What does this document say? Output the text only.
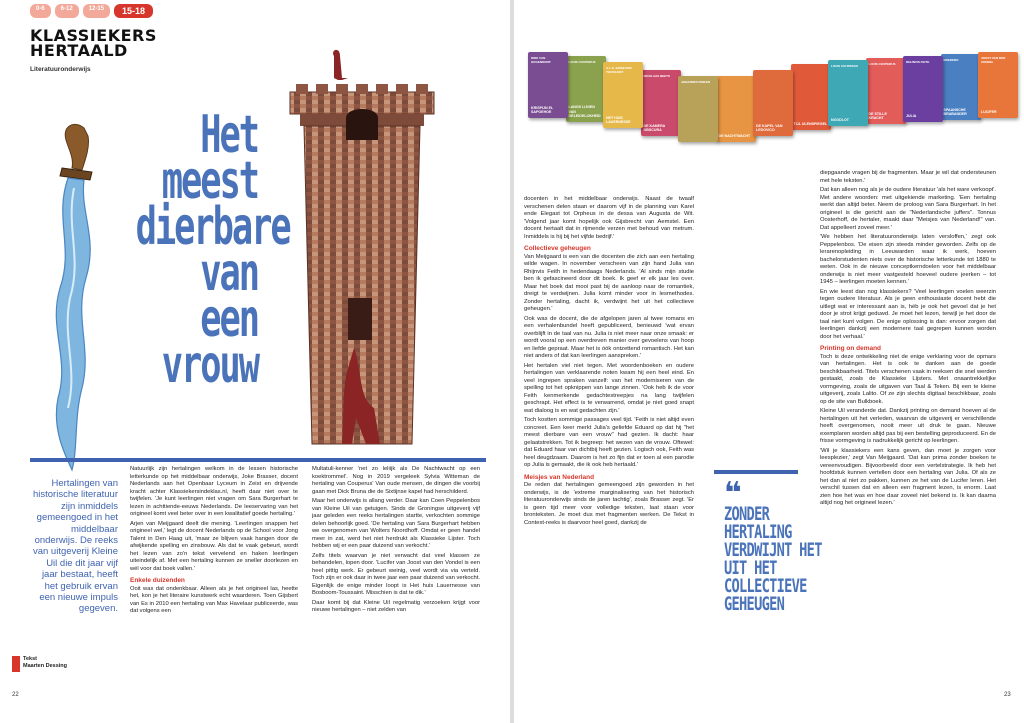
0-6	6-12	12-15	15-18
KLASSIEKERS HERTAALD
Literatuuronderwijs
Het
meest
dierbare
van een
vrouw
Hertalingen van historische literatuur zijn inmiddels gemeengoed in het middelbaar onderwijs. De reeks van uitgeverij Kleine Uil die dit jaar vijf jaar bestaat, heeft het gebruik ervan een nieuwe impuls gegeven.

Natuurlijk zijn hertalingen welkom in de lessen historische letterkunde op het middelbaar onderwijs, Joke Brasser, docent Nederlands aan het Openbaar Lyceum in Zeist en drijvende kracht achter Klassiekersindeklas.nl, heeft daar niet over te twijfelen. 'Je kunt leerlingen niet vragen om Sara Burgerhart te lezen in achttiende-eeuws Nederlands. De leeservaring van het origineel komt veel beter over in een kwalitatief goede hertaling.'

Arjen van Meijgaard deelt die mening. 'Leerlingen snappen het origineel wel,' legt de docent Nederlands op de School voor Jong Talent in Den Haag uit, 'maar ze blijven vaak hangen door de afwijkende spelling en zinsbouw. Als dat te vaak gebeurt, wordt het lezen van zo'n tekst vervelend en haken leerlingen uiteindelijk af. Met een hertaling kunnen ze sneller doorlezen en wél voor dat boek vallen.'

Enkele duizenden

Ooit was dat ondenkbaar. Alleen als je het origineel las, heette het, kon je het literaire kunstwerk echt waarderen. Toen Gijsbert van Es in 2010 een hertaling van Max Havelaar publiceerde, was dat volgens een

Multatuli-kenner 'net zo leliijk als De Nachtwacht op een koektrommel'. Nog in 2019 vergeleek Sylvia Witteman de hertaling van Couperus' Van oude mensen, de dingen die voorbij gaan met Dick Bruna die de Sixtijnse kapel had herschilderd.

Maar het onderwijs is allang verder. Daar kan Coen Peppelenbos van Kleine Uil van getuigen. Sinds de Groningse uitgeverij vijf jaar geleden een reeks hertalingen startte, verkochten sommige delen behoorlijk goed. 'De hertaling van Sara Burgerhart hebben we overgenomen van Wolters Noordhoff. Omdat er geen handel meer in zat, werd het niet herdrukt als Klassieke Lijster. Toch hebben wij er een paar duizend van verkocht.'

Zelfs titels waarvan je niet verwacht dat veel klassen ze behandelen, lopen door. 'Lucifer van Joost van den Vondel is een heel pittig werk. Er gebeurt weinig, veel wordt via via verteld. Toch zijn er ook daar in twee jaar een paar duizend van verkocht. Eigenlijk de enige minder loopt is Het huis Lauernesse van Bosboom-Toussaint. Misschien is dat te dik.'

Daar komt bij dat Kleine Uil regelmatig verzoeken krijgt voor nieuwe hertalingen – niet zelden van

Tekst
Maarten Dessing
22
DIRK VAN HOGENDORP
KRISPIJN EL SAPOEHOE
LOUIS COUPERUS
LANGS LIJNEN VAN GELEIDELIJKHEID
A.L.G. BOSBOOM-TOUSSAINT
HET HUIS LAUERNESSE
NICOLAAS BEETS
DE KAMERA OBSCURA
JOHANNES KINKER
DE NACHTWACHT
DE KAPEL VAN LEDOVICO
TIJL ULENSPIEGEL
LOUIS COUPERUS
NOODLOT
LOUIS COUPERUS
DE STILLE KRACHT
RHIJNVIS FEITH
JULIA
BREDERO
SPAANSCHE BRABANDER
JOOST VAN DEN VONDEL
LUCIFER

docenten in het middelbaar onderwijs. Naast de twaalf verschenen delen staan er daarom vijf in de planning van Karel ende Elegast tot Orpheus in de dessa van Augusta de Wit. 'Volgend jaar komt hopelijk ook Gijsbrecht van Aemstel. Een docent hertaalt dat in rijmende verzen met behoud van metrum. Inmiddels is hij bij het vijfde bedrijf.'

Collectieve geheugen

Van Meijgaard is een van die docenten die zich aan een hertaling wilde wagen. In november verscheen van zijn hand Julia van Rhijnvis Feith in hedendaags Nederlands. 'Al sinds mijn studie ben ik gefascineerd door dit boek. Ik geef er elk jaar les over. Maar het boek dat mooi past bij de aanloop naar de romantiek, dreigt te verdwijnen. Julia komt minder voor in lesmethodes. Zonder hertaling, dacht ik, verdwijnt het uit het collectieve geheugen.'

Ook was de docent, die de afgelopen jaren al twee romans en een verhalenbundel heeft gepubliceerd, benieuwd 'wat ervan overblijft in de taal van nu. Julia is niet meer naar onze smaak: er wordt vooral op een overdreven manier over gevoelens van hoop en liefde gepraat. Maar het is óók ontzettend romantisch. Het kan niet anders of dat kan leerlingen aanspreken.'

Het hertalen viel niet tegen. Met woordenboeken en oudere hertalingen van verklaarende noten kwam hij een heel eind. En veel ingrepen spraken vanzelf: van het moderniseren van de spelling tot het opknippen van lange zinnen. 'Ook heb ik de voor Feith kenmerkende gedachtestreepjes na lang twijfelen geschrapt. Het effect is te verwarrend, omdat je niet goed snapt wat dialoog is en wat gedachten zijn.'

Toch kostten sommige passages veel tijd. 'Feith is niet altijd even concreet. Een keer merkt Julia's geliefde Eduard op dat hij "het meest dierbare van een vrouw" had gezien. Ik dacht: haar gelaatstrekken. Tot ik begreep: het wezen van de vrouw. Oftewel: dat Eduard haar van dichtbij heeft gezien. Logisch ook, Feith was heel deugdzaam. Daarom is het zo fijn dat er toen al een parodie op Julia is gemaakt, die ik ook heb hertaald.'

Meisjes van Nederland

De reden dat hertalingen gemeengoed zijn geworden in het onderwijs, is de 'extreme marginalisering van het historisch literatuuronderwijs sinds de jaren tachtig', zoals Brasser zegt. 'Er is geen tijd meer voor volledige teksten, laat staan voor bronteksten. Je moet dus met fragmenten werken. De Tekst in Context-reeks is daarvoor heel goed, dankzij de

❝
ZONDER HERTALING VERDWIJNT HET UIT HET COLLECTIEVE GEHEUGEN

diepgaande vragen bij de fragmenten. Maar je wil dat ondersteunen met hele teksten.'

Dat kan alleen nog als je de oudere literatuur 'als het ware verkoopt'. Met andere woorden: met uitgekiende marketing. 'Een hertaling werkt dan altijd beter. Neem de proloog van Sara Burgerhart. In het origineel is die gericht aan de "Nederlandsche juffers". Tonnus Oosterhoff, de hertaler, maakt daar "Meisjes van Nederland!" van. Dat appelleert zoveel meer.'

'We hebben het literatuuronderwijs laten versloffen,' zegt ook Peppelenbos. 'De eisen zijn steeds minder geworden. Zelfs op de lerarenopleiding in Leeuwarden waar ik werk, hoeven bachelorstudenten niets over de historische letterkunde tot 1880 te weten. Ook in de nieuwe conceptkerndoelen voor het middelbaar onderwijs is niet meer vastgesteld hoeveel oudere jeerken – tot 1945 – leerlingen moeten kennen.'

En wie leest dan nog klassiekers? 'Veel leerlingen voelen weerzin tegen oudere literatuur. Als je geen enthousiaste docent hebt die uitlegt wat er interessant aan is, héb je ook het gevoel dat je het door je strot krijgt geduwd. Je moet het lezen, terwijl je het door de taal niet kunt volgen. De enige oplossing is dan: ervoor zorgen dat leerlingen dankzij een modernere taal gegrepen kunnen worden door het verhaal.'

Printing on demand

Toch is deze ontwikkeling niet de enige verklaring voor de opmars van hertalingen. Het is ook te danken aan de goede beschikbaarheid. Titels verschenen vaak in reeksen die snel werden gestaakt, zoals de Klassieke Lijsters. Met onaantrekkelijke vormgeving, zoals de uitgaven van Taal & Teken. Bij een te kleine uitgeverij, zoals Lalito. Of ze zijn slechts digitaal beschikbaar, zoals op de site van Bulkboek.

Kleine Uil veranderde dat. Dankzij printing on demand hoeven al de hertalingen uit het verleden, waarvan de uitgeverij er verschillende heeft overgenomen, nooit meer uit druk te gaan. Nieuwe exemplaren worden altijd pas bij een bestelling geproduceerd. En de frisse vormgeving is nadrukkelijk gericht op leerlingen.

'Wil je klassiekers een kans geven, dan moet je zorgen voor leesplezier,' zegt Van Meijgaard. 'Dat kan prima zonder boeken te vereenvoudigen. Bijvoorbeeld door een vertelstrategie. Ik heb het hoofdstuk kunnen vertellen door een hertaling van Julia. Of als ze het dan al niet zo pakken, kunnen ze het van de Lucifer leren. Het verschil tussen dat en alleen een fragment lezen, is enorm. Laat zien hoe het was en hoe daar zoveel niet bekend is. Ik kan daarna altijd nog het origineel lezen.'

23
